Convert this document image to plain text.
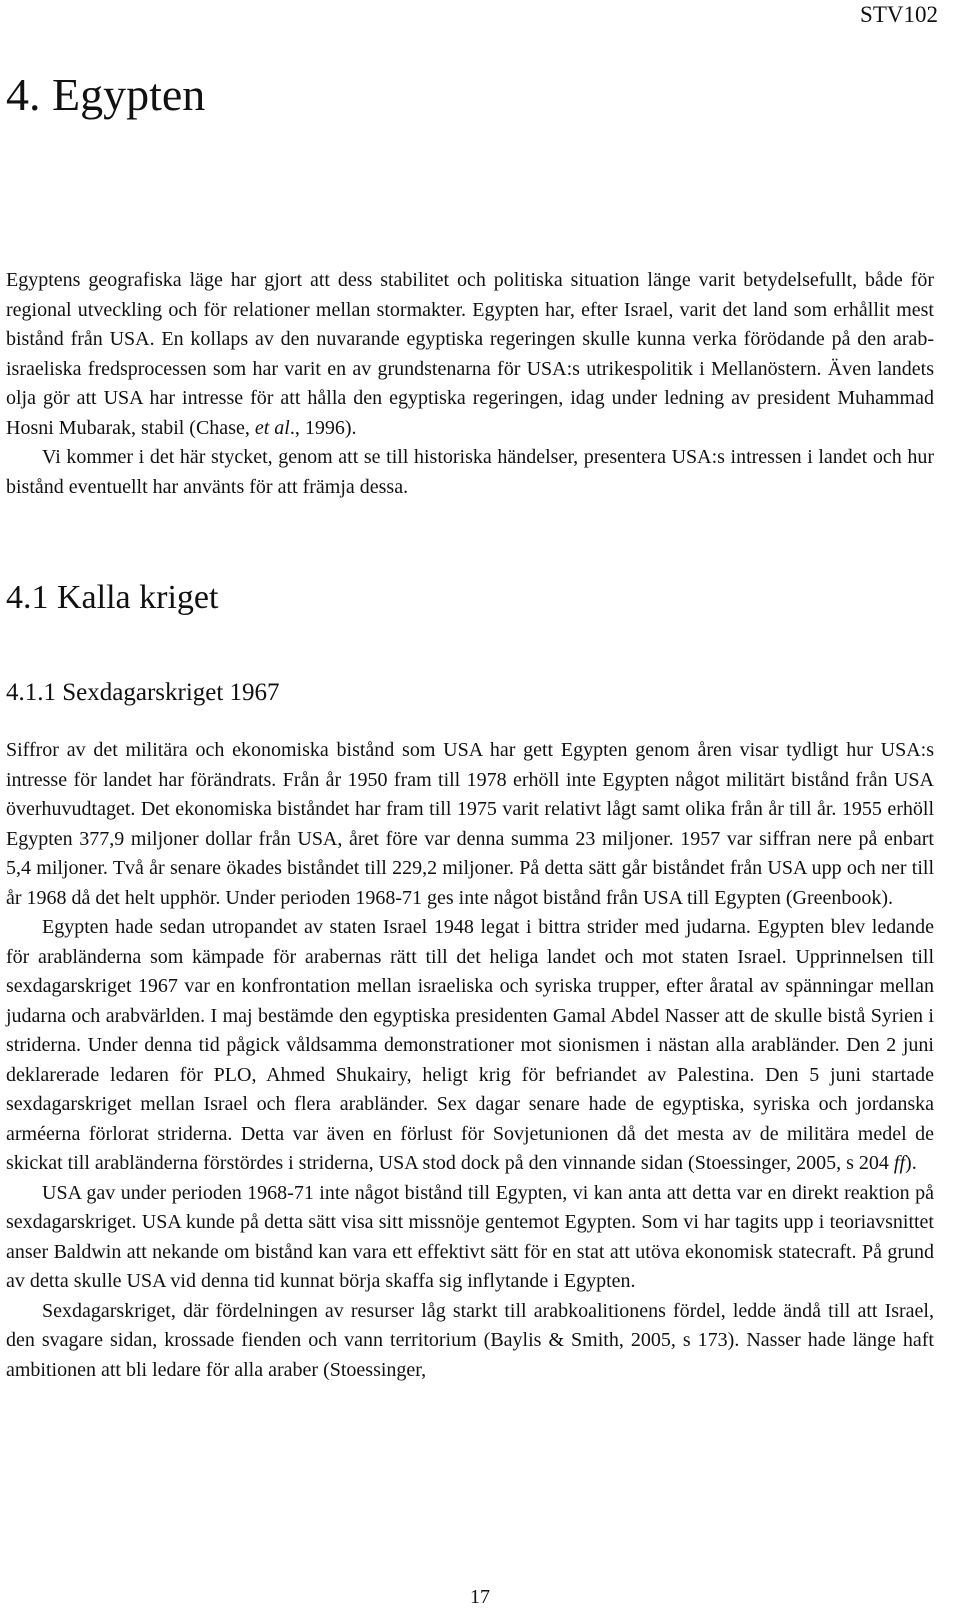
STV102
4. Egypten

Egyptens geografiska läge har gjort att dess stabilitet och politiska situation länge varit betydelsefullt, både för regional utveckling och för relationer mellan stormakter. Egypten har, efter Israel, varit det land som erhållit mest bistånd från USA. En kollaps av den nuvarande egyptiska regeringen skulle kunna verka förödande på den arab- israeliska fredsprocessen som har varit en av grundstenarna för USA:s utrikespolitik i Mellanöstern. Även landets olja gör att USA har intresse för att hålla den egyptiska regeringen, idag under ledning av president Muhammad Hosni Mubarak, stabil (Chase, et al., 1996).

Vi kommer i det här stycket, genom att se till historiska händelser, presentera USA:s intressen i landet och hur bistånd eventuellt har använts för att främja dessa.

4.1 Kalla kriget
4.1.1 Sexdagarskriget 1967

Siffror av det militära och ekonomiska bistånd som USA har gett Egypten genom åren visar tydligt hur USA:s intresse för landet har förändrats. Från år 1950 fram till 1978 erhöll inte Egypten något militärt bistånd från USA överhuvudtaget. Det ekonomiska biståndet har fram till 1975 varit relativt lågt samt olika från år till år. 1955 erhöll Egypten 377,9 miljoner dollar från USA, året före var denna summa 23 miljoner. 1957 var siffran nere på enbart 5,4 miljoner. Två år senare ökades biståndet till 229,2 miljoner. På detta sätt går biståndet från USA upp och ner till år 1968 då det helt upphör. Under perioden 1968-71 ges inte något bistånd från USA till Egypten (Greenbook).

Egypten hade sedan utropandet av staten Israel 1948 legat i bittra strider med judarna. Egypten blev ledande för arabländerna som kämpade för arabernas rätt till det heliga landet och mot staten Israel. Upprinnelsen till sexdagarskriget 1967 var en konfrontation mellan israeliska och syriska trupper, efter åratal av spänningar mellan judarna och arabvärlden. I maj bestämde den egyptiska presidenten Gamal Abdel Nasser att de skulle bistå Syrien i striderna. Under denna tid pågick våldsamma demonstrationer mot sionismen i nästan alla arabländer. Den 2 juni deklarerade ledaren för PLO, Ahmed Shukairy, heligt krig för befriandet av Palestina. Den 5 juni startade sexdagarskriget mellan Israel och flera arabländer. Sex dagar senare hade de egyptiska, syriska och jordanska arméerna förlorat striderna. Detta var även en förlust för Sovjetunionen då det mesta av de militära medel de skickat till arabländerna förstördes i striderna, USA stod dock på den vinnande sidan (Stoessinger, 2005, s 204 ff).

USA gav under perioden 1968-71 inte något bistånd till Egypten, vi kan anta att detta var en direkt reaktion på sexdagarskriget. USA kunde på detta sätt visa sitt missnöje gentemot Egypten. Som vi har tagits upp i teoriavsnittet anser Baldwin att nekande om bistånd kan vara ett effektivt sätt för en stat att utöva ekonomisk statecraft. På grund av detta skulle USA vid denna tid kunnat börja skaffa sig inflytande i Egypten.

Sexdagarskriget, där fördelningen av resurser låg starkt till arabkoalitionens fördel, ledde ändå till att Israel, den svagare sidan, krossade fienden och vann territorium (Baylis & Smith, 2005, s 173). Nasser hade länge haft ambitionen att bli ledare för alla araber (Stoessinger,

17
